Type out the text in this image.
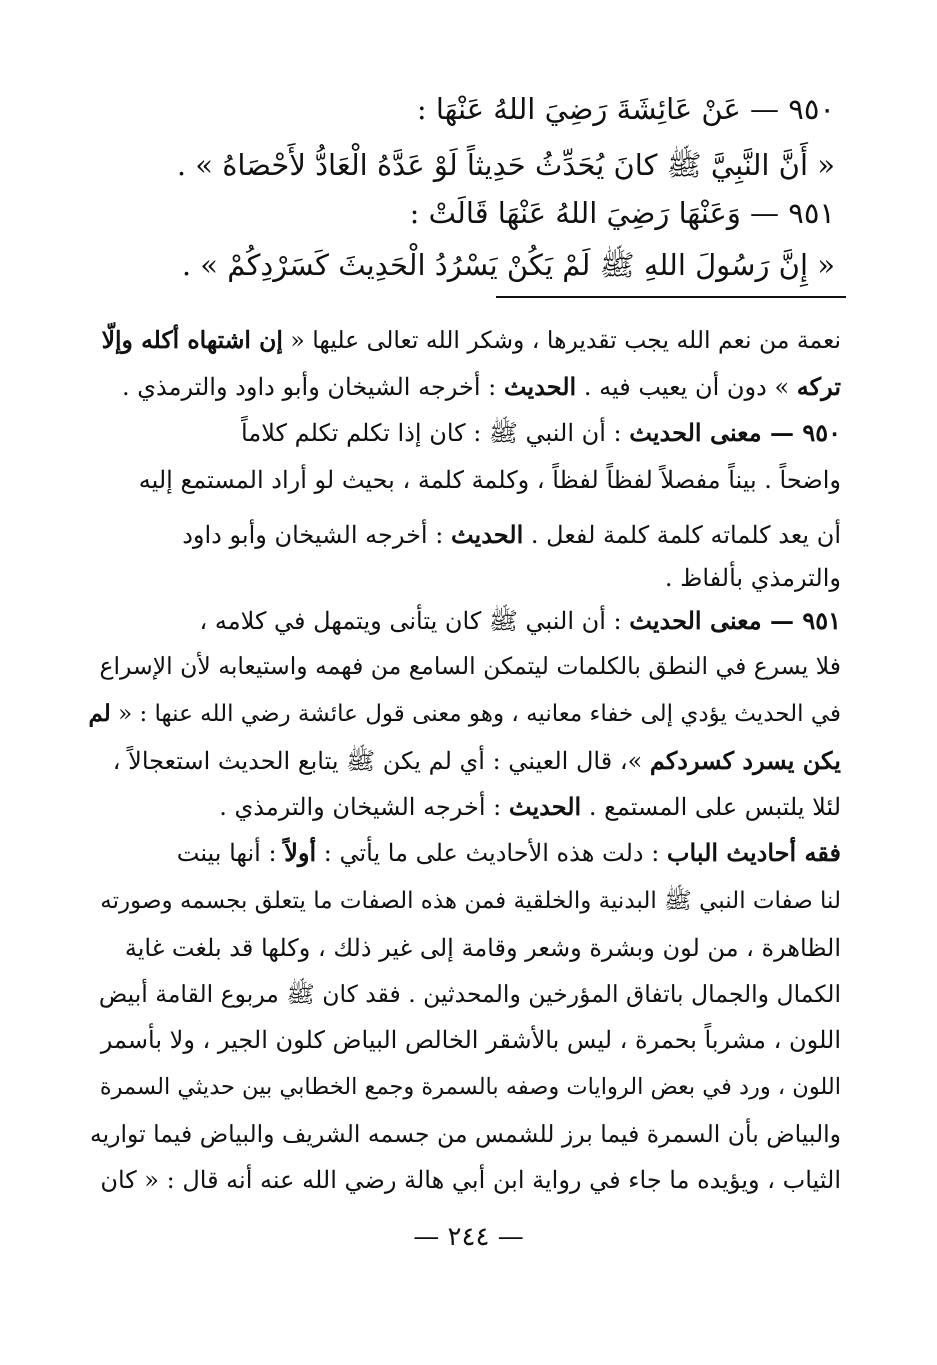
٩٥٠ — عَنْ عَائِشَةَ رَضِيَ اللهُ عَنْهَا :
« أَنَّ النَّبِيَّ ﷺ كانَ يُحَدِّثُ حَدِيثاً لَوْ عَدَّهُ الْعَادُّ لأَحْصَاهُ » .
٩٥١ — وَعَنْهَا رَضِيَ اللهُ عَنْهَا قَالَتْ :
« إِنَّ رَسُولَ اللهِ ﷺ لَمْ يَكُنْ يَسْرُدُ الْحَدِيثَ كَسَرْدِكُمْ » .
نعمة من نعم الله يجب تقديرها ، وشكر الله تعالى عليها « إن اشتهاه أكله وإلّا
تركه » دون أن يعيب فيه . الحديث : أخرجه الشيخان وأبو داود والترمذي .
٩٥٠ — معنى الحديث : أن النبي ﷺ : كان إذا تكلم تكلم كلاماً
واضحاً . بيناً مفصلاً لفظاً لفظاً ، وكلمة كلمة ، بحيث لو أراد المستمع إليه
أن يعد كلماته كلمة كلمة لفعل . الحديث : أخرجه الشيخان وأبو داود
والترمذي بألفاظ .
٩٥١ — معنى الحديث : أن النبي ﷺ كان يتأنى ويتمهل في كلامه ،
فلا يسرع في النطق بالكلمات ليتمكن السامع من فهمه واستيعابه لأن الإسراع
في الحديث يؤدي إلى خفاء معانيه ، وهو معنى قول عائشة رضي الله عنها : « لم
يكن يسرد كسردكم »، قال العيني : أي لم يكن ﷺ يتابع الحديث استعجالاً ،
لئلا يلتبس على المستمع . الحديث : أخرجه الشيخان والترمذي .
فقه أحاديث الباب : دلت هذه الأحاديث على ما يأتي : أولاً : أنها بينت
لنا صفات النبي ﷺ البدنية والخلقية فمن هذه الصفات ما يتعلق بجسمه وصورته
الظاهرة ، من لون وبشرة وشعر وقامة إلى غير ذلك ، وكلها قد بلغت غاية
الكمال والجمال باتفاق المؤرخين والمحدثين . فقد كان ﷺ مربوع القامة أبيض
اللون ، مشرباً بحمرة ، ليس بالأشقر الخالص البياض كلون الجير ، ولا بأسمر
اللون ، ورد في بعض الروايات وصفه بالسمرة وجمع الخطابي بين حديثي السمرة
والبياض بأن السمرة فيما برز للشمس من جسمه الشريف والبياض فيما تواريه
الثياب ، ويؤيده ما جاء في رواية ابن أبي هالة رضي الله عنه أنه قال : « كان
— ٢٤٤ —
